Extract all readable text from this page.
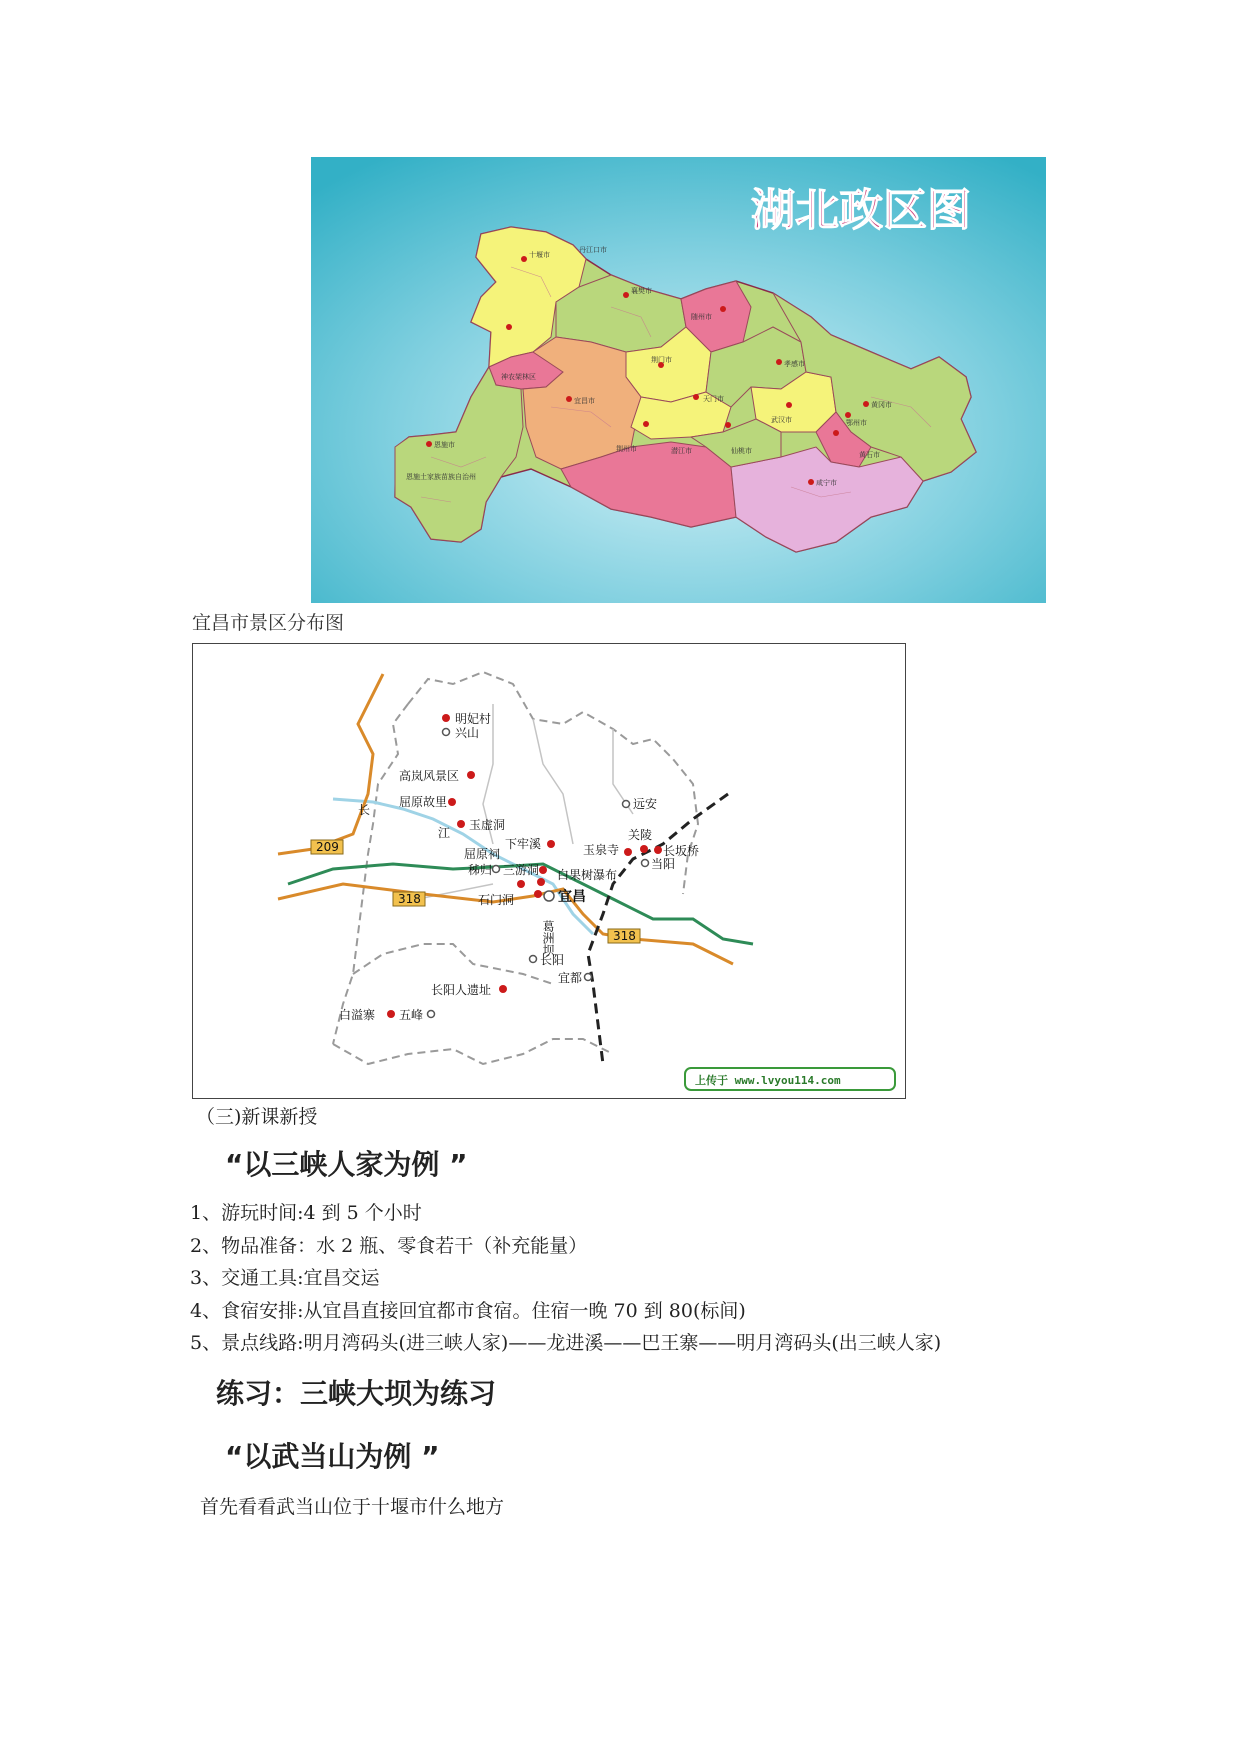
湖北政区图
十堰市
丹江口市
襄樊市
随州市
神农架林区
荆门市	孝感市
宜昌市
恩施市
恩施土家族苗族自治州
天门市
荆州市	潜江市	仙桃市
武汉市	鄂州市
黄冈市
黄石市
咸宁市
宜昌市景区分布图
209
318
318
长
江
明妃村
兴山
高岚风景区
屈原故里
玉虚洞
屈原祠
秭归
下牢溪
三游洞 白果树瀑布
宜昌
石门洞
葛洲坝
长阳
宜都
长阳人遗址
白溢寨 五峰
远安
玉泉寺
关陵
长坂桥
当阳
上传于 www.lvyou114.com
（三)新课新授
“以三峡人家为例 ”
1、游玩时间:4 到 5 个小时
2、物品准备：水 2 瓶、零食若干（补充能量）
3、交通工具:宜昌交运
4、食宿安排:从宜昌直接回宜都市食宿。住宿一晚 70 到 80(标间)
5、景点线路:明月湾码头(进三峡人家)——龙进溪——巴王寨——明月湾码头(出三峡人家)
练习：三峡大坝为练习
“以武当山为例 ”
首先看看武当山位于十堰市什么地方
